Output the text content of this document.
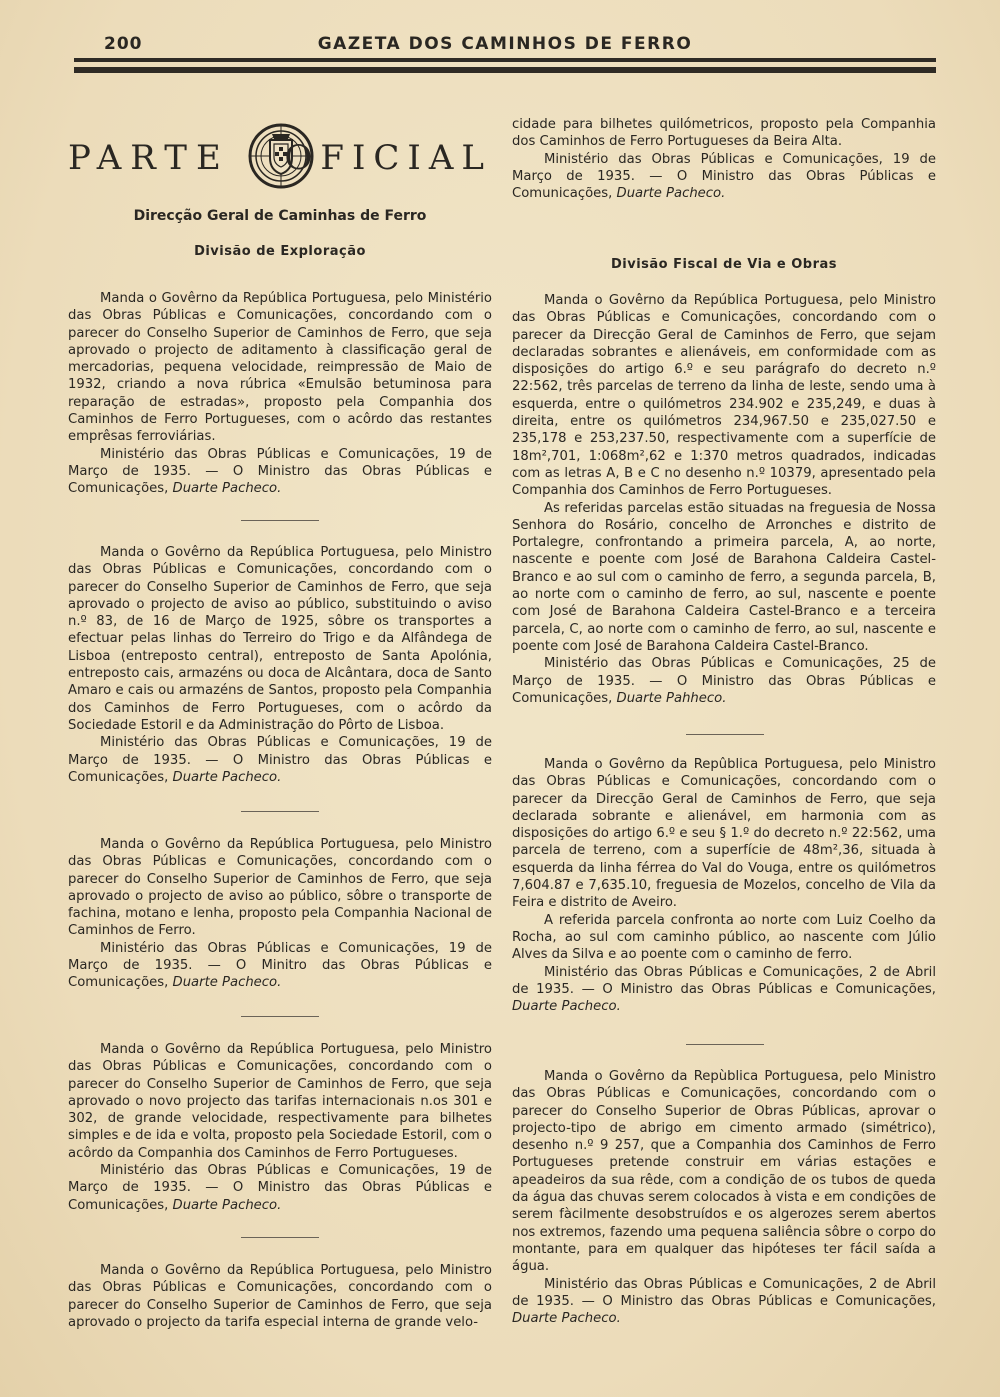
200	GAZETA DOS CAMINHOS DE FERRO
PARTE OFICIAL
Direcção Geral de Caminhas de Ferro
Divisão de Exploração

Manda o Govêrno da República Portuguesa, pelo Ministério das Obras Públicas e Comunicações, concordando com o parecer do Conselho Superior de Caminhos de Ferro, que seja aprovado o projecto de aditamento à classificação geral de mercadorias, pequena velocidade, reimpressão de Maio de 1932, criando a nova rúbrica «Emulsão betuminosa para reparação de estradas», proposto pela Companhia dos Caminhos de Ferro Portugueses, com o acôrdo das restantes emprêsas ferroviárias.

Ministério das Obras Públicas e Comunicações, 19 de Março de 1935. — O Ministro das Obras Públicas e Comunicações, Duarte Pacheco.

Manda o Govêrno da República Portuguesa, pelo Ministro das Obras Públicas e Comunicações, concordando com o parecer do Conselho Superior de Caminhos de Ferro, que seja aprovado o projecto de aviso ao público, substituindo o aviso n.º 83, de 16 de Março de 1925, sôbre os transportes a efectuar pelas linhas do Terreiro do Trigo e da Alfândega de Lisboa (entreposto central), entreposto de Santa Apolónia, entreposto cais, armazéns ou doca de Alcântara, doca de Santo Amaro e cais ou armazéns de Santos, proposto pela Companhia dos Caminhos de Ferro Portugueses, com o acôrdo da Sociedade Estoril e da Administração do Pôrto de Lisboa.

Ministério das Obras Públicas e Comunicações, 19 de Março de 1935. — O Ministro das Obras Públicas e Comunicações, Duarte Pacheco.

Manda o Govêrno da República Portuguesa, pelo Ministro das Obras Públicas e Comunicações, concordando com o parecer do Conselho Superior de Caminhos de Ferro, que seja aprovado o projecto de aviso ao público, sôbre o transporte de fachina, motano e lenha, proposto pela Companhia Nacional de Caminhos de Ferro.

Ministério das Obras Públicas e Comunicações, 19 de Março de 1935. — O Minitro das Obras Públicas e Comunicações, Duarte Pacheco.

Manda o Govêrno da República Portuguesa, pelo Ministro das Obras Públicas e Comunicações, concordando com o parecer do Conselho Superior de Caminhos de Ferro, que seja aprovado o novo projecto das tarifas internacionais n.os 301 e 302, de grande velocidade, respectivamente para bilhetes simples e de ida e volta, proposto pela Sociedade Estoril, com o acôrdo da Companhia dos Caminhos de Ferro Portugueses.

Ministério das Obras Públicas e Comunicações, 19 de Março de 1935. — O Ministro das Obras Públicas e Comunicações, Duarte Pacheco.

Manda o Govêrno da República Portuguesa, pelo Ministro das Obras Públicas e Comunicações, concordando com o parecer do Conselho Superior de Caminhos de Ferro, que seja aprovado o projecto da tarifa especial interna de grande velo-

cidade para bilhetes quilómetricos, proposto pela Companhia dos Caminhos de Ferro Portugueses da Beira Alta.

Ministério das Obras Públicas e Comunicações, 19 de Março de 1935. — O Ministro das Obras Públicas e Comunicações, Duarte Pacheco.

Divisão Fiscal de Via e Obras

Manda o Govêrno da República Portuguesa, pelo Ministro das Obras Públicas e Comunicações, concordando com o parecer da Direcção Geral de Caminhos de Ferro, que sejam declaradas sobrantes e alienáveis, em conformidade com as disposições do artigo 6.º e seu parágrafo do decreto n.º 22:562, três parcelas de terreno da linha de leste, sendo uma à esquerda, entre o quilómetros 234.902 e 235,249, e duas à direita, entre os quilómetros 234,967.50 e 235,027.50 e 235,178 e 253,237.50, respectivamente com a superfície de 18m²,701, 1:068m²,62 e 1:370 metros quadrados, indicadas com as letras A, B e C no desenho n.º 10379, apresentado pela Companhia dos Caminhos de Ferro Portugueses.

As referidas parcelas estão situadas na freguesia de Nossa Senhora do Rosário, concelho de Arronches e distrito de Portalegre, confrontando a primeira parcela, A, ao norte, nascente e poente com José de Barahona Caldeira Castel-Branco e ao sul com o caminho de ferro, a segunda parcela, B, ao norte com o caminho de ferro, ao sul, nascente e poente com José de Barahona Caldeira Castel-Branco e a terceira parcela, C, ao norte com o caminho de ferro, ao sul, nascente e poente com José de Barahona Caldeira Castel-Branco.

Ministério das Obras Públicas e Comunicações, 25 de Março de 1935. — O Ministro das Obras Públicas e Comunicações, Duarte Pahheco.

Manda o Govêrno da Repûblica Portuguesa, pelo Ministro das Obras Públicas e Comunicações, concordando com o parecer da Direcção Geral de Caminhos de Ferro, que seja declarada sobrante e alienável, em harmonia com as disposições do artigo 6.º e seu § 1.º do decreto n.º 22:562, uma parcela de terreno, com a superfície de 48m²,36, situada à esquerda da linha férrea do Val do Vouga, entre os quilómetros 7,604.87 e 7,635.10, freguesia de Mozelos, concelho de Vila da Feira e distrito de Aveiro.

A referida parcela confronta ao norte com Luiz Coelho da Rocha, ao sul com caminho público, ao nascente com Júlio Alves da Silva e ao poente com o caminho de ferro.

Ministério das Obras Públicas e Comunicações, 2 de Abril de 1935. — O Ministro das Obras Públicas e Comunicações, Duarte Pacheco.

Manda o Govêrno da Repùblica Portuguesa, pelo Ministro das Obras Públicas e Comunicações, concordando com o parecer do Conselho Superior de Obras Públicas, aprovar o projecto-tipo de abrigo em cimento armado (simétrico), desenho n.º 9 257, que a Companhia dos Caminhos de Ferro Portugueses pretende construir em várias estações e apeadeiros da sua rêde, com a condição de os tubos de queda da água das chuvas serem colocados à vista e em condições de serem fàcilmente desobstruídos e os algerozes serem abertos nos extremos, fazendo uma pequena saliência sôbre o corpo do montante, para em qualquer das hipóteses ter fácil saída a água.

Ministério das Obras Públicas e Comunicações, 2 de Abril de 1935. — O Ministro das Obras Públicas e Comunicações, Duarte Pacheco.
